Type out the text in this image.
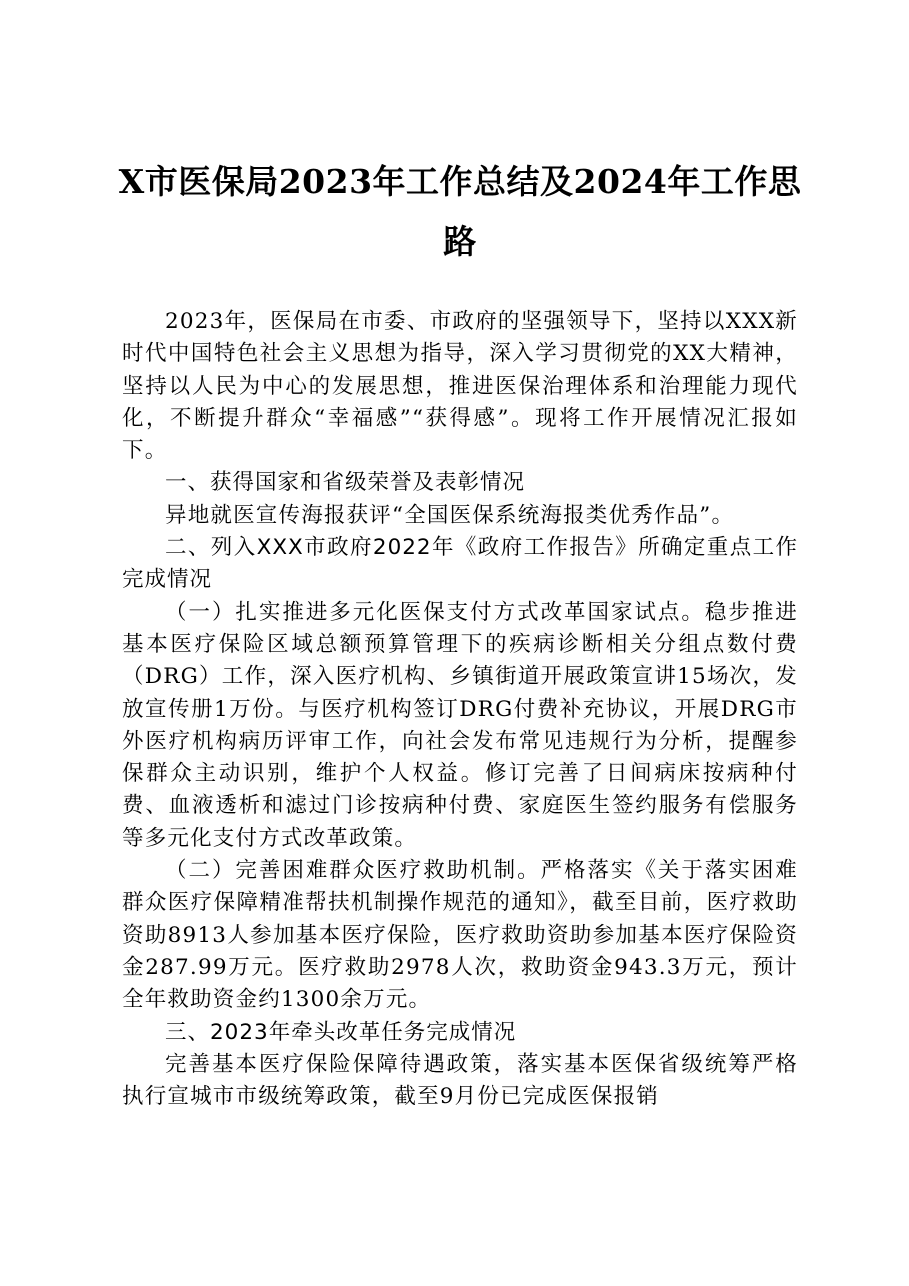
X市医保局2023年工作总结及2024年工作思路

2023年，医保局在市委、市政府的坚强领导下，坚持以XXX新时代中国特色社会主义思想为指导，深入学习贯彻党的XX大精神，坚持以人民为中心的发展思想，推进医保治理体系和治理能力现代化，不断提升群众“幸福感”“获得感”。现将工作开展情况汇报如下。

一、获得国家和省级荣誉及表彰情况

异地就医宣传海报获评“全国医保系统海报类优秀作品”。

二、列入XXX市政府2022年《政府工作报告》所确定重点工作完成情况

（一）扎实推进多元化医保支付方式改革国家试点。稳步推进基本医疗保险区域总额预算管理下的疾病诊断相关分组点数付费（DRG）工作，深入医疗机构、乡镇街道开展政策宣讲15场次，发放宣传册1万份。与医疗机构签订DRG付费补充协议，开展DRG市外医疗机构病历评审工作，向社会发布常见违规行为分析，提醒参保群众主动识别，维护个人权益。修订完善了日间病床按病种付费、血液透析和滤过门诊按病种付费、家庭医生签约服务有偿服务等多元化支付方式改革政策。

（二）完善困难群众医疗救助机制。严格落实《关于落实困难群众医疗保障精准帮扶机制操作规范的通知》，截至目前，医疗救助资助8913人参加基本医疗保险，医疗救助资助参加基本医疗保险资金287.99万元。医疗救助2978人次，救助资金943.3万元，预计全年救助资金约1300余万元。

三、2023年牵头改革任务完成情况

完善基本医疗保险保障待遇政策，落实基本医保省级统筹严格执行宣城市市级统筹政策，截至9月份已完成医保报销
